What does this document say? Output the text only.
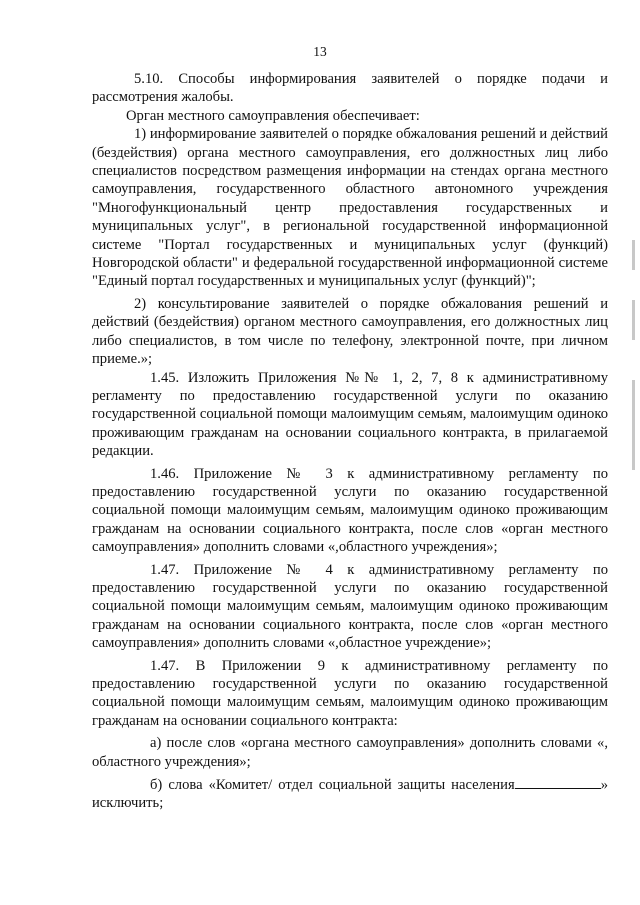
13

5.10. Способы информирования заявителей о порядке подачи и рассмотрения жалобы.

Орган местного самоуправления обеспечивает:

1) информирование заявителей о порядке обжалования решений и действий (бездействия) органа местного самоуправления, его должностных лиц либо специалистов посредством размещения информации на стендах органа местного самоуправления, государственного областного автономного учреждения "Многофункциональный центр предоставления государственных и муниципальных услуг", в региональной государственной информационной системе "Портал государственных и муниципальных услуг (функций) Новгородской области" и федеральной государственной информационной системе "Единый портал государственных и муниципальных услуг (функций)";

2) консультирование заявителей о порядке обжалования решений и действий (бездействия) органом местного самоуправления, его должностных лиц либо специалистов, в том числе по телефону, электронной почте, при личном приеме.»;

1.45. Изложить Приложения №№ 1, 2, 7, 8 к административному регламенту по предоставлению государственной услуги по оказанию государственной социальной помощи малоимущим семьям, малоимущим одиноко проживающим гражданам на основании социального контракта, в прилагаемой редакции.

1.46. Приложение № 3 к административному регламенту по предоставлению государственной услуги по оказанию государственной социальной помощи малоимущим семьям, малоимущим одиноко проживающим гражданам на основании социального контракта, после слов «орган местного самоуправления» дополнить словами «,областного учреждения»;

1.47. Приложение № 4 к административному регламенту по предоставлению государственной услуги по оказанию государственной социальной помощи малоимущим семьям, малоимущим одиноко проживающим гражданам на основании социального контракта, после слов «орган местного самоуправления» дополнить словами «,областное учреждение»;

1.47. В Приложении 9 к административному регламенту по предоставлению государственной услуги по оказанию государственной социальной помощи малоимущим семьям, малоимущим одиноко проживающим гражданам на основании социального контракта:

а) после слов «органа местного самоуправления» дополнить словами «, областного учреждения»;

б) слова «Комитет/ отдел социальной защиты населения	» исключить;
